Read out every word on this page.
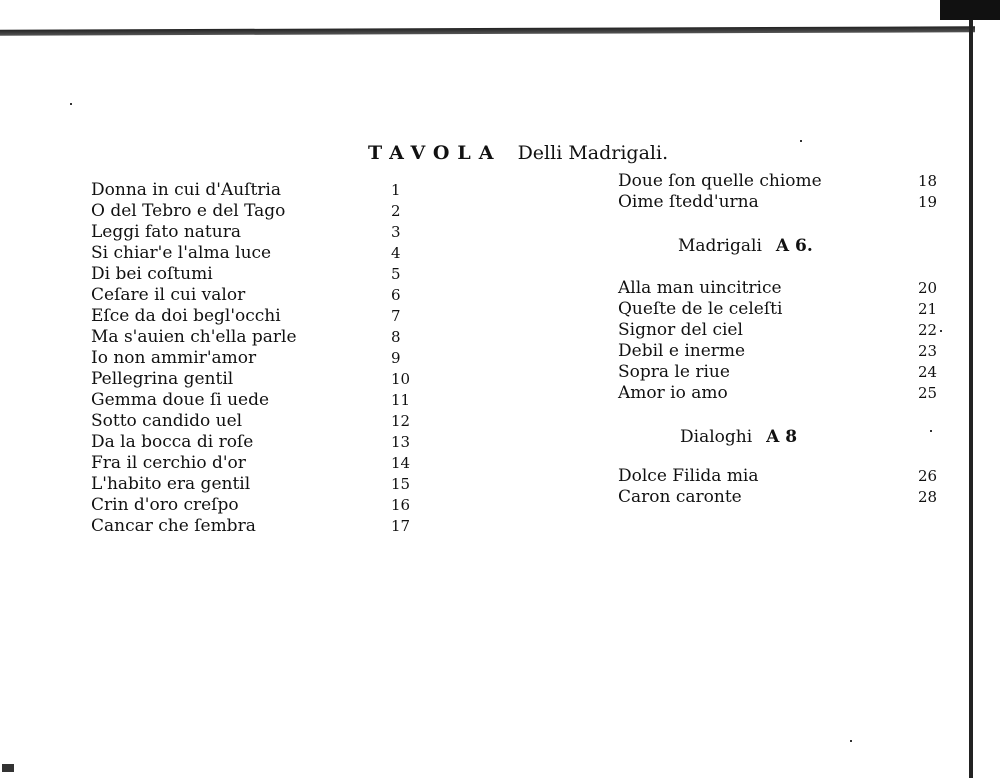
TAVOLA Delli Madrigali.
Donna in cui d'Auſtria	1
O del Tebro e del Tago	2
Leggi fato natura	3
Si chiar'e l'alma luce	4
Di bei coſtumi	5
Ceſare il cui valor	6
Eſce da doi begl'occhi	7
Ma s'auien ch'ella parle	8
Io non ammir'amor	9
Pellegrina gentil	10
Gemma doue ſi uede	11
Sotto candido uel	12
Da la bocca di roſe	13
Fra il cerchio d'or	14
L'habito era gentil	15
Crin d'oro creſpo	16
Cancar che ſembra	17
Doue ſon quelle chiome	18
Oime ſtedd'urna	19
Madrigali A 6.
Alla man uincitrice	20
Queſte de le celeſti	21
Signor del ciel	22
Debil e inerme	23
Sopra le riue	24
Amor io amo	25
Dialoghi A 8
Dolce Filida mia	26
Caron caronte	28
